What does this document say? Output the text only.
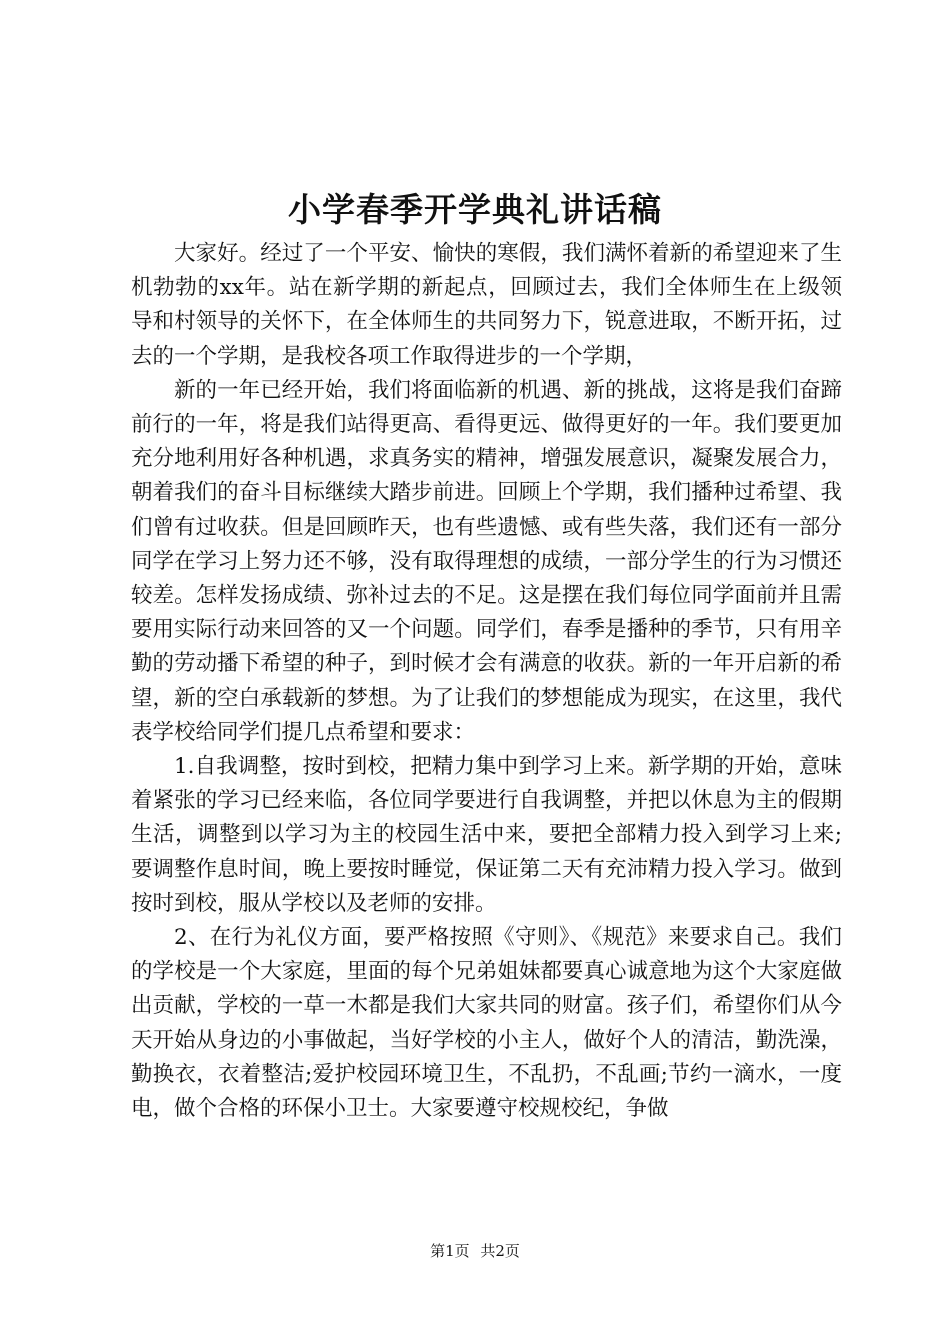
小学春季开学典礼讲话稿

大家好。经过了一个平安、愉快的寒假，我们满怀着新的希望迎来了生机勃勃的xx年。站在新学期的新起点，回顾过去，我们全体师生在上级领导和村领导的关怀下，在全体师生的共同努力下，锐意进取，不断开拓，过去的一个学期，是我校各项工作取得进步的一个学期，

新的一年已经开始，我们将面临新的机遇、新的挑战，这将是我们奋蹄前行的一年，将是我们站得更高、看得更远、做得更好的一年。我们要更加充分地利用好各种机遇，求真务实的精神，增强发展意识，凝聚发展合力，朝着我们的奋斗目标继续大踏步前进。回顾上个学期，我们播种过希望、我们曾有过收获。但是回顾昨天，也有些遗憾、或有些失落，我们还有一部分同学在学习上努力还不够，没有取得理想的成绩，一部分学生的行为习惯还较差。怎样发扬成绩、弥补过去的不足。这是摆在我们每位同学面前并且需要用实际行动来回答的又一个问题。同学们，春季是播种的季节，只有用辛勤的劳动播下希望的种子，到时候才会有满意的收获。新的一年开启新的希望，新的空白承载新的梦想。为了让我们的梦想能成为现实，在这里，我代表学校给同学们提几点希望和要求：

1.自我调整，按时到校，把精力集中到学习上来。新学期的开始，意味着紧张的学习已经来临，各位同学要进行自我调整，并把以休息为主的假期生活，调整到以学习为主的校园生活中来，要把全部精力投入到学习上来;要调整作息时间，晚上要按时睡觉，保证第二天有充沛精力投入学习。做到按时到校，服从学校以及老师的安排。

2、在行为礼仪方面，要严格按照《守则》、《规范》来要求自己。我们的学校是一个大家庭，里面的每个兄弟姐妹都要真心诚意地为这个大家庭做出贡献，学校的一草一木都是我们大家共同的财富。孩子们，希望你们从今天开始从身边的小事做起，当好学校的小主人，做好个人的清洁，勤洗澡，勤换衣，衣着整洁;爱护校园环境卫生，不乱扔，不乱画;节约一滴水，一度电，做个合格的环保小卫士。大家要遵守校规校纪，争做

第1页 共2页
